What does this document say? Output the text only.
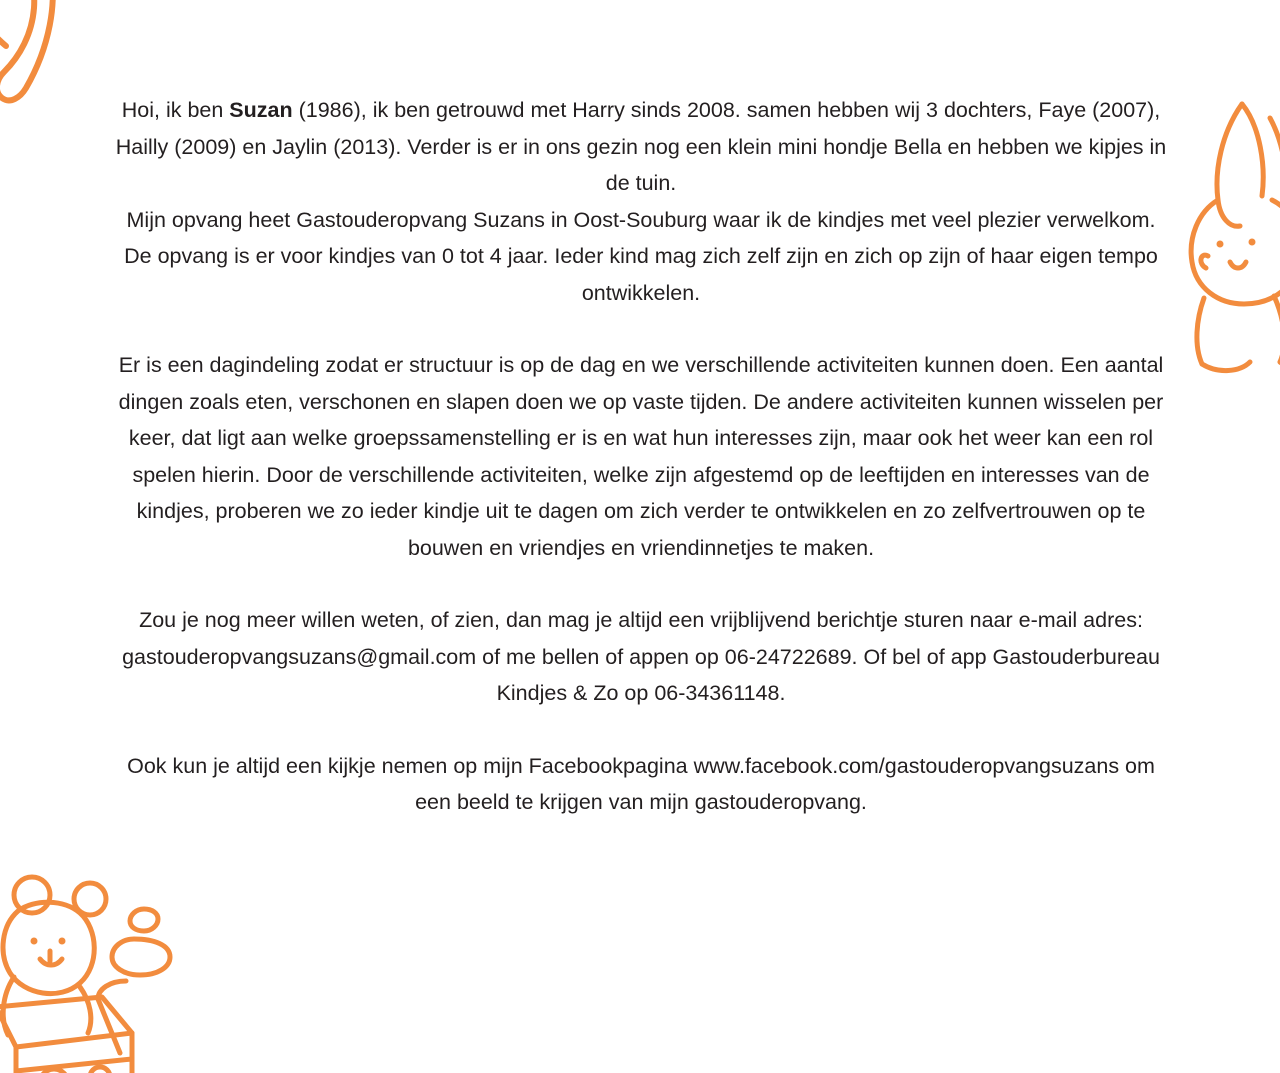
Hoi, ik ben Suzan (1986), ik ben getrouwd met Harry sinds 2008. samen hebben wij 3 dochters, Faye (2007), Hailly (2009) en Jaylin (2013). Verder is er in ons gezin nog een klein mini hondje Bella en hebben we kipjes in de tuin.

Mijn opvang heet Gastouderopvang Suzans in Oost-Souburg waar ik de kindjes met veel plezier verwelkom. De opvang is er voor kindjes van 0 tot 4 jaar. Ieder kind mag zich zelf zijn en zich op zijn of haar eigen tempo ontwikkelen.

Er is een dagindeling zodat er structuur is op de dag en we verschillende activiteiten kunnen doen. Een aantal dingen zoals eten, verschonen en slapen doen we op vaste tijden. De andere activiteiten kunnen wisselen per keer, dat ligt aan welke groepssamenstelling er is en wat hun interesses zijn, maar ook het weer kan een rol spelen hierin. Door de verschillende activiteiten, welke zijn afgestemd op de leeftijden en interesses van de kindjes, proberen we zo ieder kindje uit te dagen om zich verder te ontwikkelen en zo zelfvertrouwen op te bouwen en vriendjes en vriendinnetjes te maken.

Zou je nog meer willen weten, of zien, dan mag je altijd een vrijblijvend berichtje sturen naar e-mail adres: gastouderopvangsuzans@gmail.com of me bellen of appen op 06-24722689. Of bel of app Gastouderbureau Kindjes & Zo op 06-34361148.

Ook kun je altijd een kijkje nemen op mijn Facebookpagina www.facebook.com/gastouderopvangsuzans om een beeld te krijgen van mijn gastouderopvang.
